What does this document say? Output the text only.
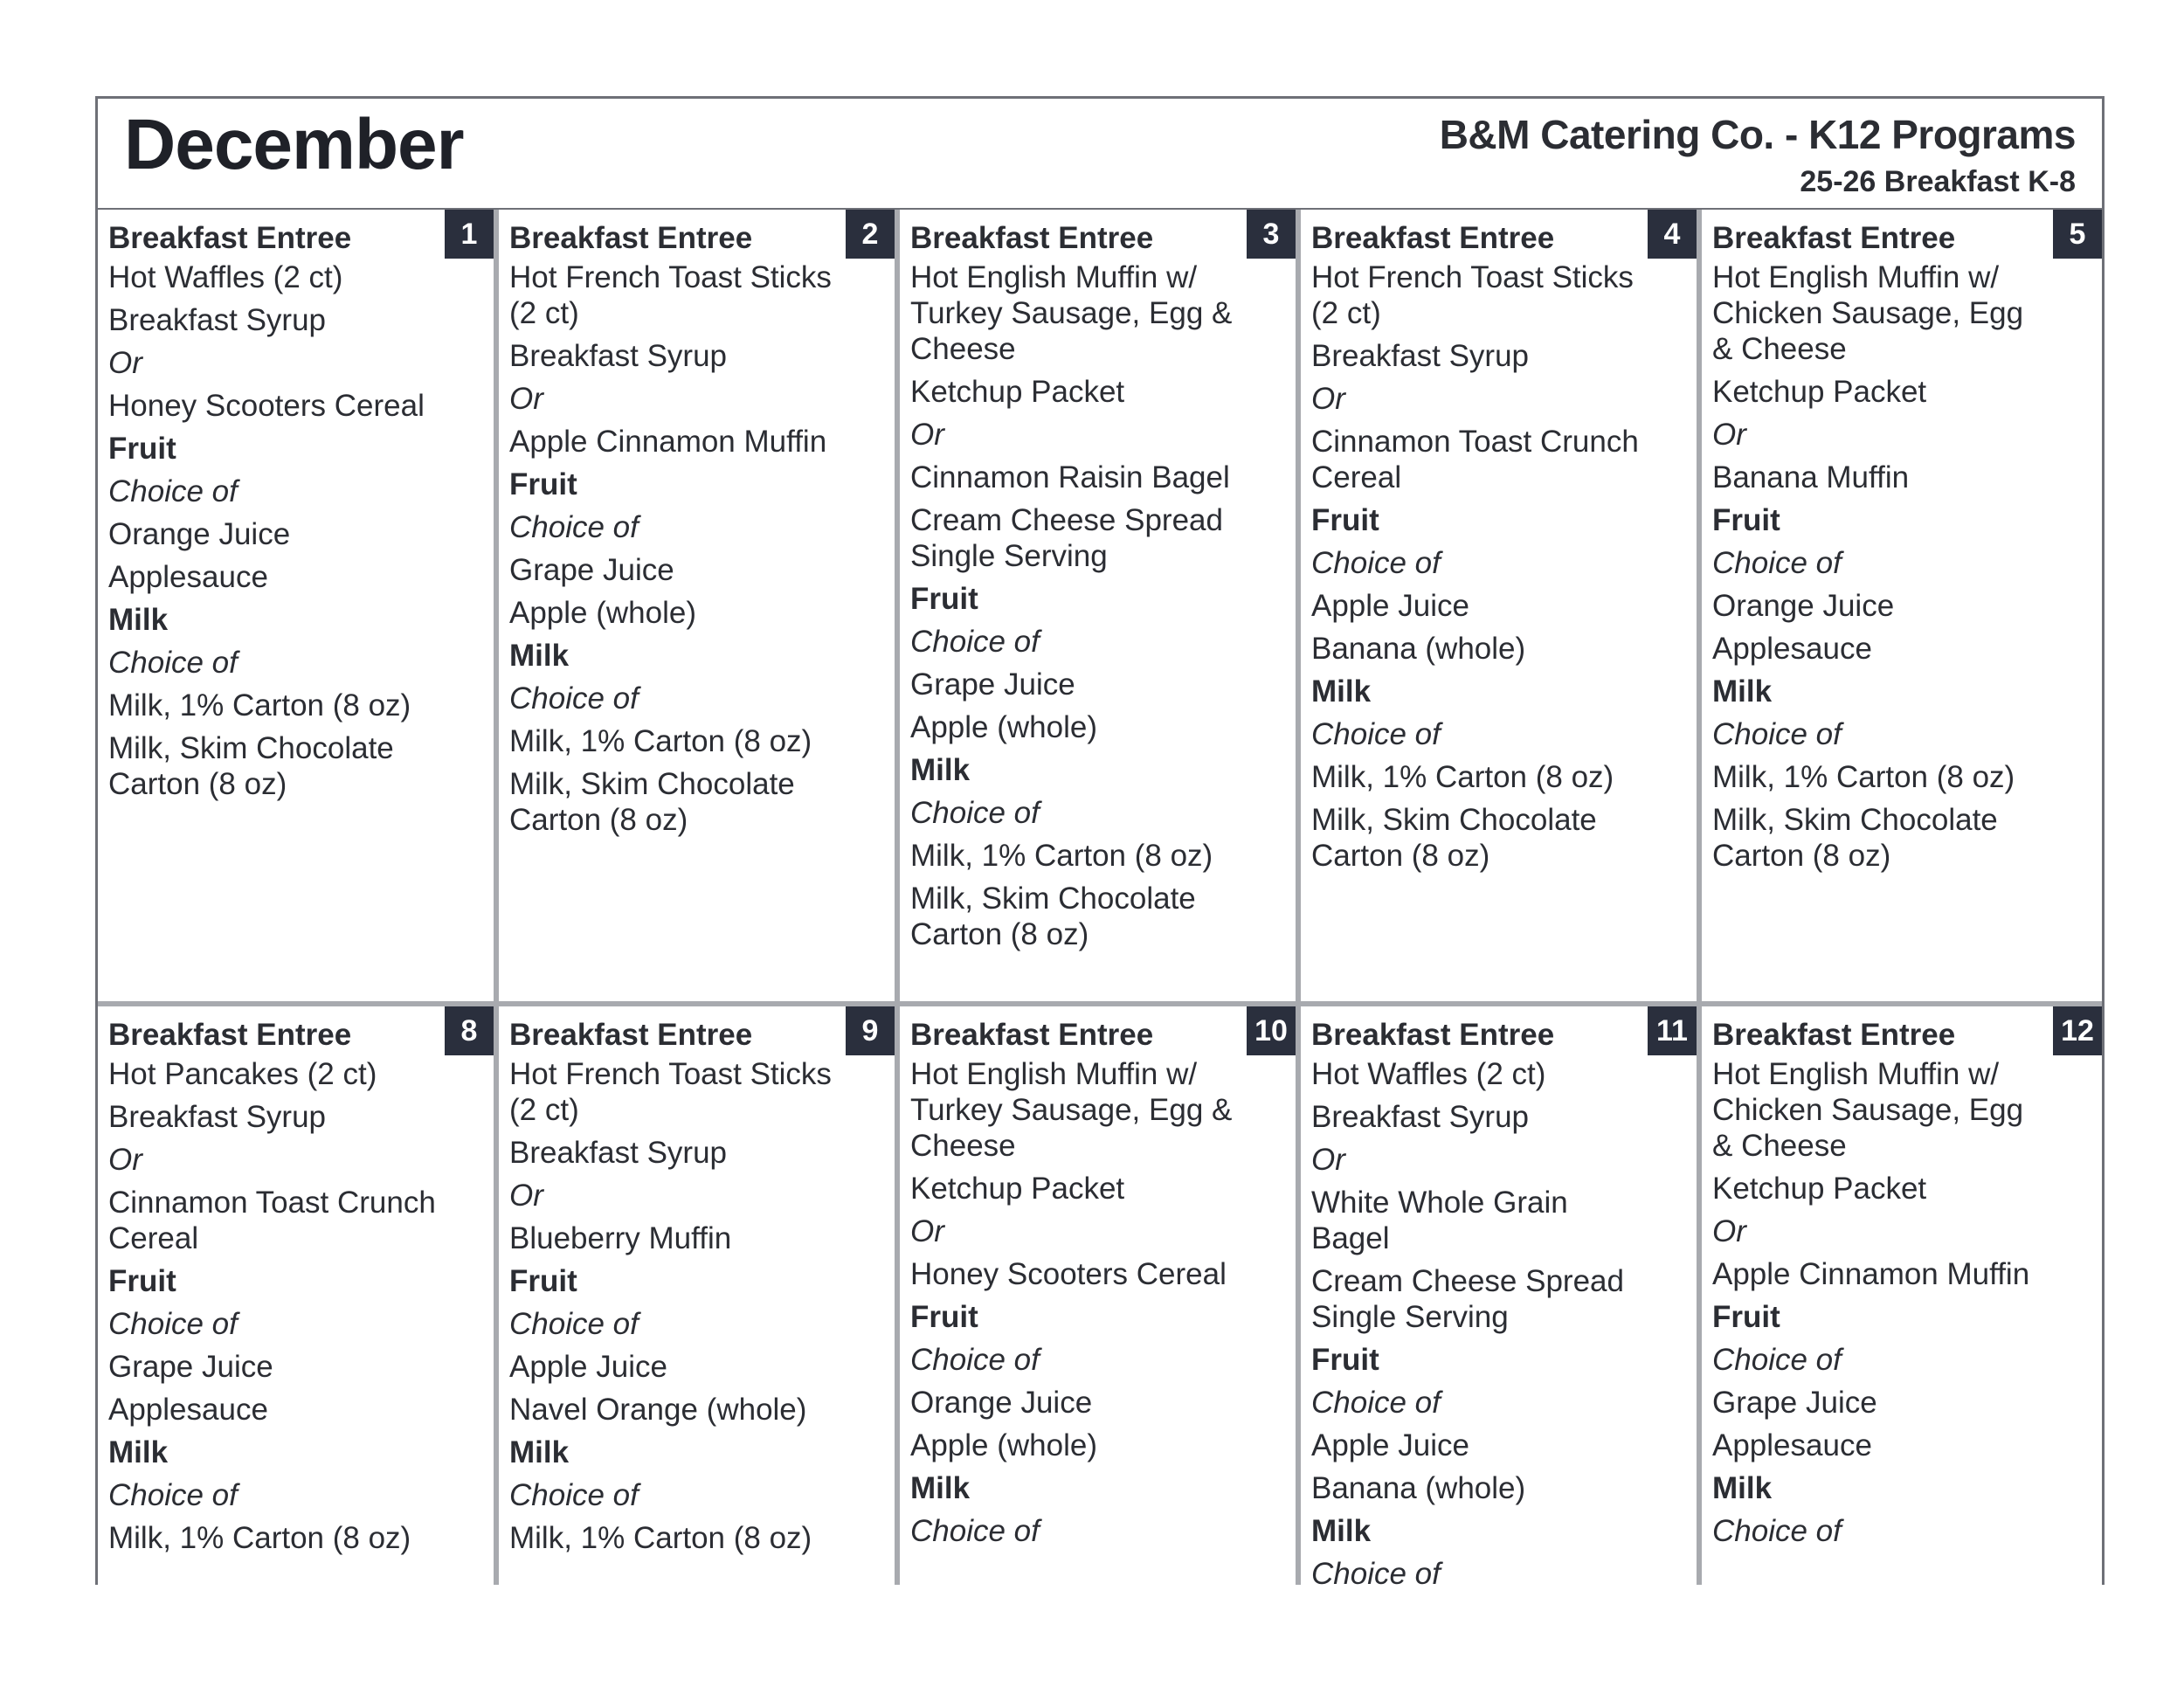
December	B&M Catering Co. - K12 Programs
25-26 Breakfast K-8
1
Breakfast Entree
Hot Waffles (2 ct)
Breakfast Syrup
Or
Honey Scooters Cereal
Fruit
Choice of
Orange Juice
Applesauce
Milk
Choice of
Milk, 1% Carton (8 oz)
Milk, Skim Chocolate Carton (8 oz)
2
Breakfast Entree
Hot French Toast Sticks (2 ct)
Breakfast Syrup
Or
Apple Cinnamon Muffin
Fruit
Choice of
Grape Juice
Apple (whole)
Milk
Choice of
Milk, 1% Carton (8 oz)
Milk, Skim Chocolate Carton (8 oz)
3
Breakfast Entree
Hot English Muffin w/ Turkey Sausage, Egg & Cheese
Ketchup Packet
Or
Cinnamon Raisin Bagel
Cream Cheese Spread Single Serving
Fruit
Choice of
Grape Juice
Apple (whole)
Milk
Choice of
Milk, 1% Carton (8 oz)
Milk, Skim Chocolate Carton (8 oz)
4
Breakfast Entree
Hot French Toast Sticks (2 ct)
Breakfast Syrup
Or
Cinnamon Toast Crunch Cereal
Fruit
Choice of
Apple Juice
Banana (whole)
Milk
Choice of
Milk, 1% Carton (8 oz)
Milk, Skim Chocolate Carton (8 oz)
5
Breakfast Entree
Hot English Muffin w/ Chicken Sausage, Egg & Cheese
Ketchup Packet
Or
Banana Muffin
Fruit
Choice of
Orange Juice
Applesauce
Milk
Choice of
Milk, 1% Carton (8 oz)
Milk, Skim Chocolate Carton (8 oz)
8
Breakfast Entree
Hot Pancakes (2 ct)
Breakfast Syrup
Or
Cinnamon Toast Crunch Cereal
Fruit
Choice of
Grape Juice
Applesauce
Milk
Choice of
Milk, 1% Carton (8 oz)
9
Breakfast Entree
Hot French Toast Sticks (2 ct)
Breakfast Syrup
Or
Blueberry Muffin
Fruit
Choice of
Apple Juice
Navel Orange (whole)
Milk
Choice of
Milk, 1% Carton (8 oz)
10
Breakfast Entree
Hot English Muffin w/ Turkey Sausage, Egg & Cheese
Ketchup Packet
Or
Honey Scooters Cereal
Fruit
Choice of
Orange Juice
Apple (whole)
Milk
Choice of
11
Breakfast Entree
Hot Waffles (2 ct)
Breakfast Syrup
Or
White Whole Grain Bagel
Cream Cheese Spread Single Serving
Fruit
Choice of
Apple Juice
Banana (whole)
Milk
Choice of
12
Breakfast Entree
Hot English Muffin w/ Chicken Sausage, Egg & Cheese
Ketchup Packet
Or
Apple Cinnamon Muffin
Fruit
Choice of
Grape Juice
Applesauce
Milk
Choice of
